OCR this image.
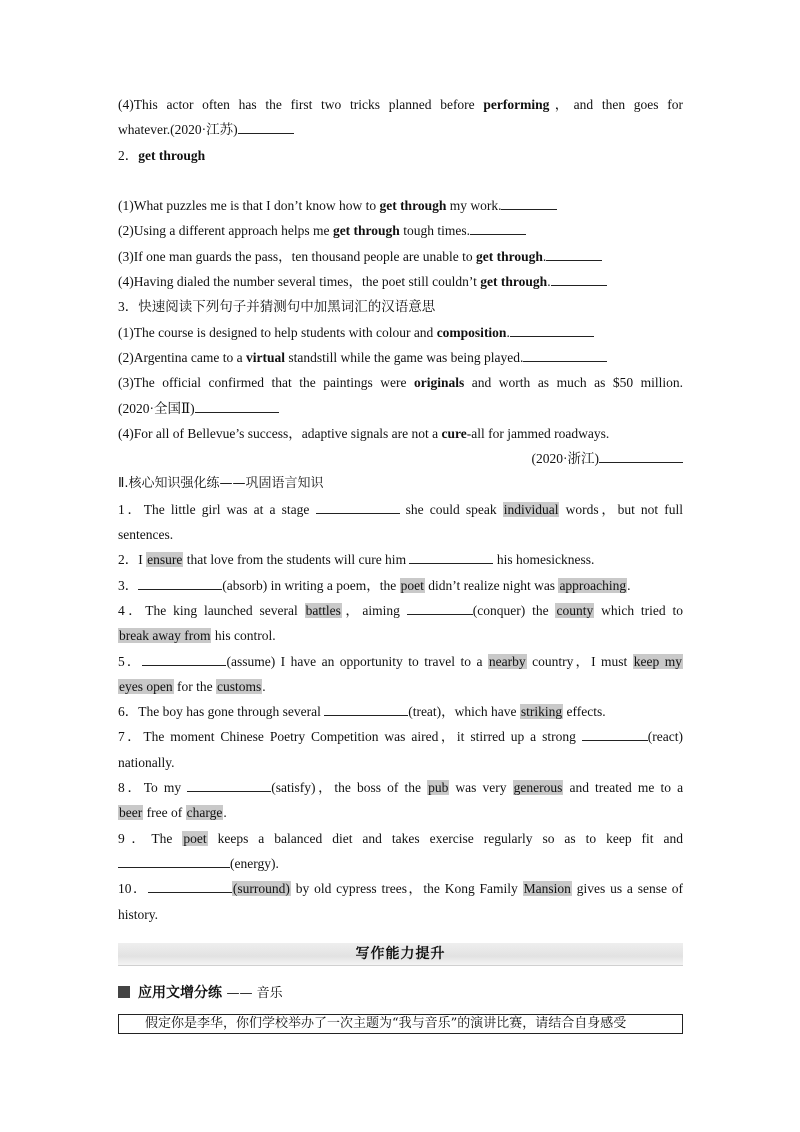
(4)This actor often has the first two tricks planned before performing，and then goes for
whatever.(2020·江苏)
2．get through
(1)What puzzles me is that I don’t know how to get through my work.
(2)Using a different approach helps me get through tough times.
(3)If one man guards the pass，ten thousand people are unable to get through.
(4)Having dialed the number several times，the poet still couldn’t get through.
3．快速阅读下列句子并猜测句中加黑词汇的汉语意思
(1)The course is designed to help students with colour and composition.
(2)Argentina came to a virtual standstill while the game was being played.
(3)The official confirmed that the paintings were originals and worth as much as $50 million.
(2020·全国Ⅱ)
(4)For all of Bellevue’s success，adaptive signals are not a cure-all for jammed roadways.
(2020·浙江)
Ⅱ.核心知识强化练——巩固语言知识
1．The little girl was at a stage	she could speak individual words，but not full
sentences.
2．I ensure that love from the students will cure him	his homesickness.
3．	(absorb) in writing a poem，the poet didn’t realize night was approaching.
4．The king launched several battles，aiming	(conquer) the county which tried to
break away from his control.
5．	(assume) I have an opportunity to travel to a nearby country，I must keep my
eyes open for the customs.
6．The boy has gone through several	(treat)，which have striking effects.
7．The moment Chinese Poetry Competition was aired，it stirred up a strong	(react)
nationally.
8．To my	(satisfy)，the boss of the pub was very generous and treated me to a
beer free of charge.
9．The poet keeps a balanced diet and takes exercise regularly so as to keep fit and
(energy).
10．	(surround) by old cypress trees，the Kong Family Mansion gives us a sense of
history.
写作能力提升
应用文增分练 —— 音乐
假定你是李华，你们学校举办了一次主题为“我与音乐”的演讲比赛，请结合自身感受
